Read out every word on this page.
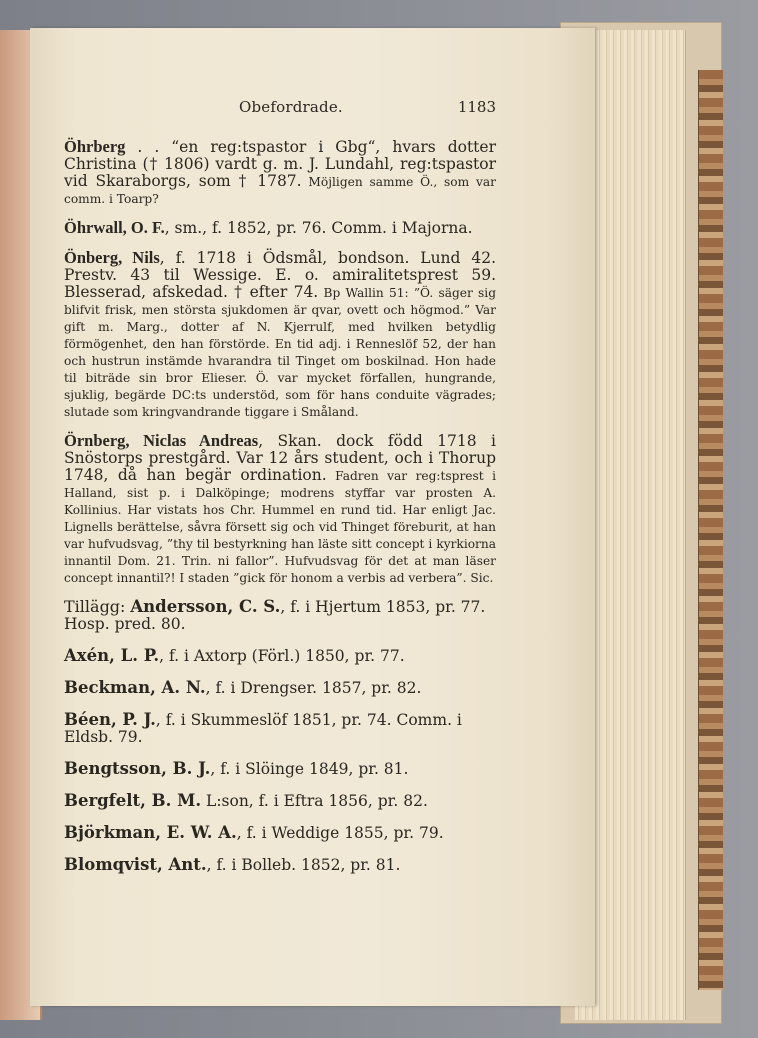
Obefordrade.	1183

Öhrberg . . “en reg:tspastor i Gbg“, hvars dotter Christina († 1806) vardt g. m. J. Lundahl, reg:tspastor vid Skaraborgs, som † 1787. Möjligen samme Ö., som var comm. i Toarp?

Öhrwall, O. F., sm., f. 1852, pr. 76. Comm. i Majorna.

Önberg, Nils, f. 1718 i Ödsmål, bondson. Lund 42. Prestv. 43 til Wessige. E. o. amiralitetsprest 59. Blesserad, afskedad. † efter 74. Bp Wallin 51: ”Ö. säger sig blifvit frisk, men största sjukdomen är qvar, ovett och högmod.” Var gift m. Marg., dotter af N. Kjerrulf, med hvilken betydlig förmögenhet, den han förstörde. En tid adj. i Renneslöf 52, der han och hustrun instämde hvarandra til Tinget om boskilnad. Hon hade til biträde sin bror Elieser. Ö. var mycket förfallen, hungrande, sjuklig, begärde DC:ts understöd, som för hans conduite vägrades; slutade som kringvandrande tiggare i Småland.

Örnberg, Niclas Andreas, Skan. dock född 1718 i Snöstorps prestgård. Var 12 års student, och i Thorup 1748, då han begär ordination. Fadren var reg:tsprest i Halland, sist p. i Dalköpinge; modrens styffar var prosten A. Kollinius. Har vistats hos Chr. Hummel en rund tid. Har enligt Jac. Lignells berättelse, såvra försett sig och vid Thinget föreburit, at han var hufvudsvag, ”thy til bestyrkning han läste sitt concept i kyrkiorna innantil Dom. 21. Trin. ni fallor”. Hufvudsvag för det at man läser concept innantil?! I staden ”gick för honom a verbis ad verbera”. Sic.

Tillägg: Andersson, C. S., f. i Hjertum 1853, pr. 77. Hosp. pred. 80.

Axén, L. P., f. i Axtorp (Förl.) 1850, pr. 77.

Beckman, A. N., f. i Drengser. 1857, pr. 82.

Béen, P. J., f. i Skummeslöf 1851, pr. 74. Comm. i Eldsb. 79.

Bengtsson, B. J., f. i Slöinge 1849, pr. 81.

Bergfelt, B. M. L:son, f. i Eftra 1856, pr. 82.

Björkman, E. W. A., f. i Weddige 1855, pr. 79.

Blomqvist, Ant., f. i Bolleb. 1852, pr. 81.
